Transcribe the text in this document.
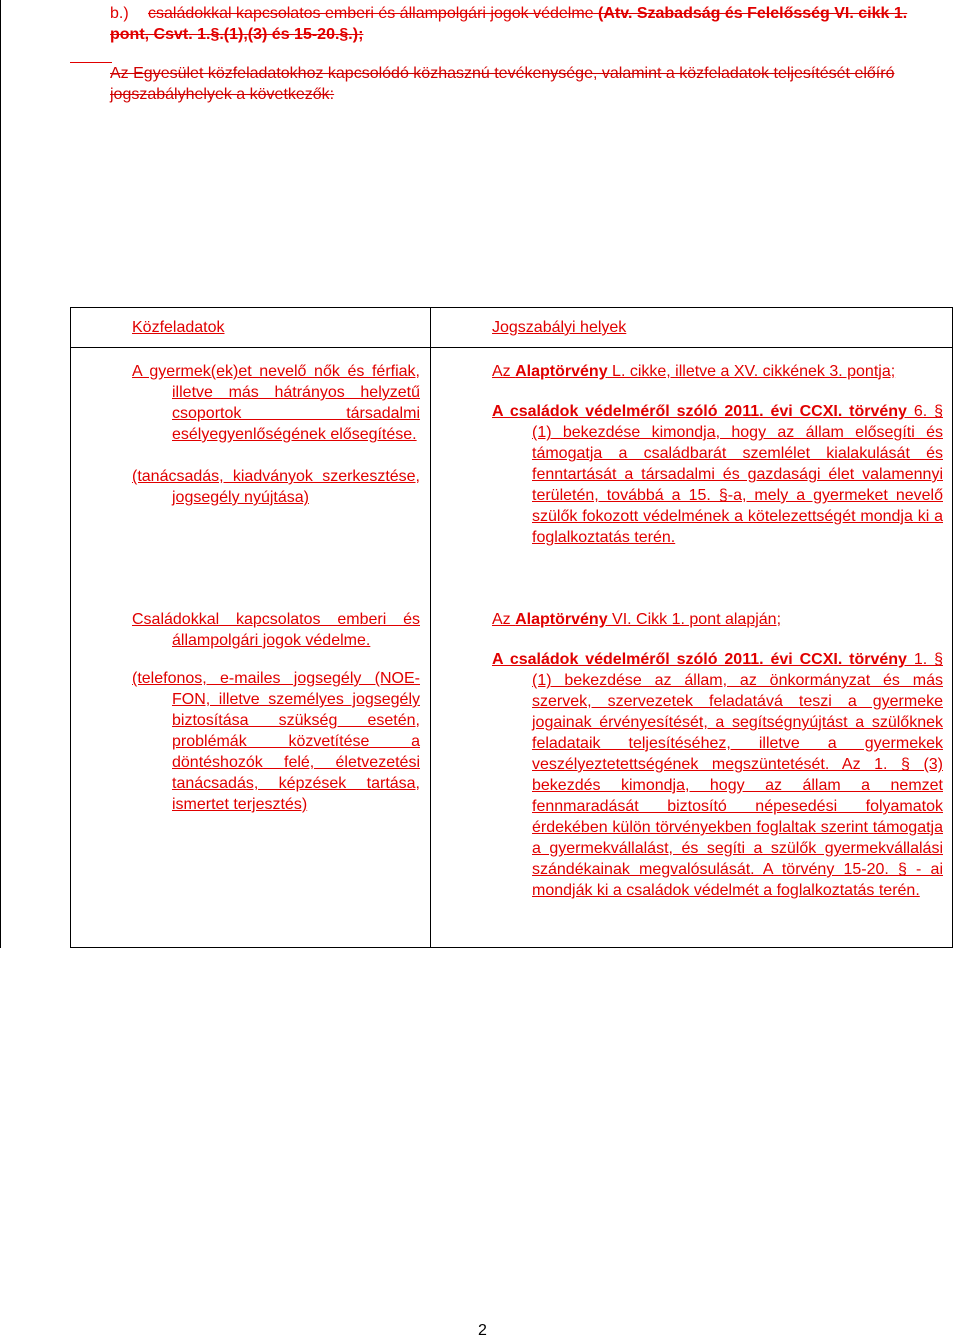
b.) családokkal kapcsolatos emberi és állampolgári jogok védelme (Atv. Szabadság és Felelősség VI. cikk 1. pont, Csvt. 1.§.(1),(3) és 15-20.§.);
Az Egyesület közfeladatokhoz kapcsolódó közhasznú tevékenysége, valamint a közfeladatok teljesítését előíró jogszabályhelyek a következők:
Közfeladatok	Jogszabályi helyek

A gyermek(ek)et nevelő nők és férfiak, illetve más hátrányos helyzetű csoportok társadalmi esélyegyenlőségének elősegítése.

(tanácsadás, kiadványok szerkesztése, jogsegély nyújtása)

Az Alaptörvény L. cikke, illetve a XV. cikkének 3. pontja;

A családok védelméről szóló 2011. évi CCXI. törvény 6. § (1) bekezdése kimondja, hogy az állam elősegíti és támogatja a családbarát szemlélet kialakulását és fenntartását a társadalmi és gazdasági élet valamennyi területén, továbbá a 15. §-a, mely a gyermeket nevelő szülők fokozott védelmének a kötelezettségét mondja ki a foglalkoztatás terén.

Családokkal kapcsolatos emberi és állampolgári jogok védelme.

(telefonos, e-mailes jogsegély (NOE-FON, illetve személyes jogsegély biztosítása szükség esetén, problémák közvetítése a döntéshozók felé, életvezetési tanácsadás, képzések tartása, ismertet terjesztés)

Az Alaptörvény VI. Cikk 1. pont alapján;

A családok védelméről szóló 2011. évi CCXI. törvény 1. § (1) bekezdése az állam, az önkormányzat és más szervek, szervezetek feladatává teszi a gyermeke jogainak érvényesítését, a segítségnyújtást a szülőknek feladataik teljesítéséhez, illetve a gyermekek veszélyeztetettségének megszüntetését. Az 1. § (3) bekezdés kimondja, hogy az állam a nemzet fennmaradását biztosító népesedési folyamatok érdekében külön törvényekben foglaltak szerint támogatja a gyermekvállalást, és segíti a szülők gyermekvállalási szándékainak megvalósulását. A törvény 15-20. § - ai mondják ki a családok védelmét a foglalkoztatás terén.

2
